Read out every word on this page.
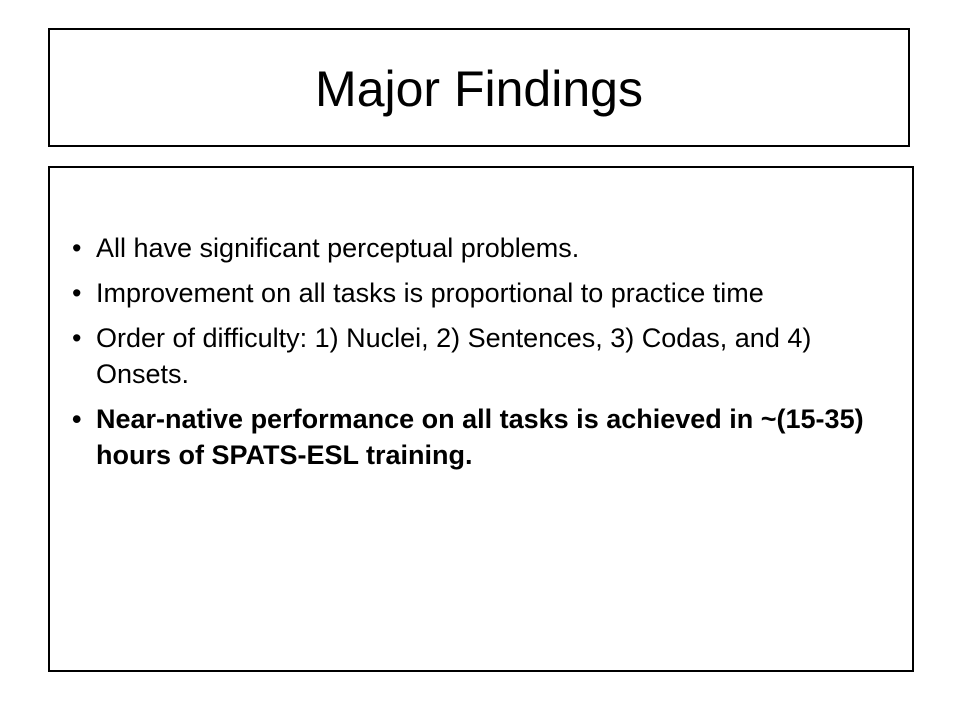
Major Findings
• All have significant perceptual problems.
• Improvement on all tasks is proportional to practice time
• Order of difficulty: 1) Nuclei, 2) Sentences, 3) Codas, and 4) Onsets.
• Near-native performance on all tasks is achieved in ~(15-35) hours of SPATS-ESL training.
